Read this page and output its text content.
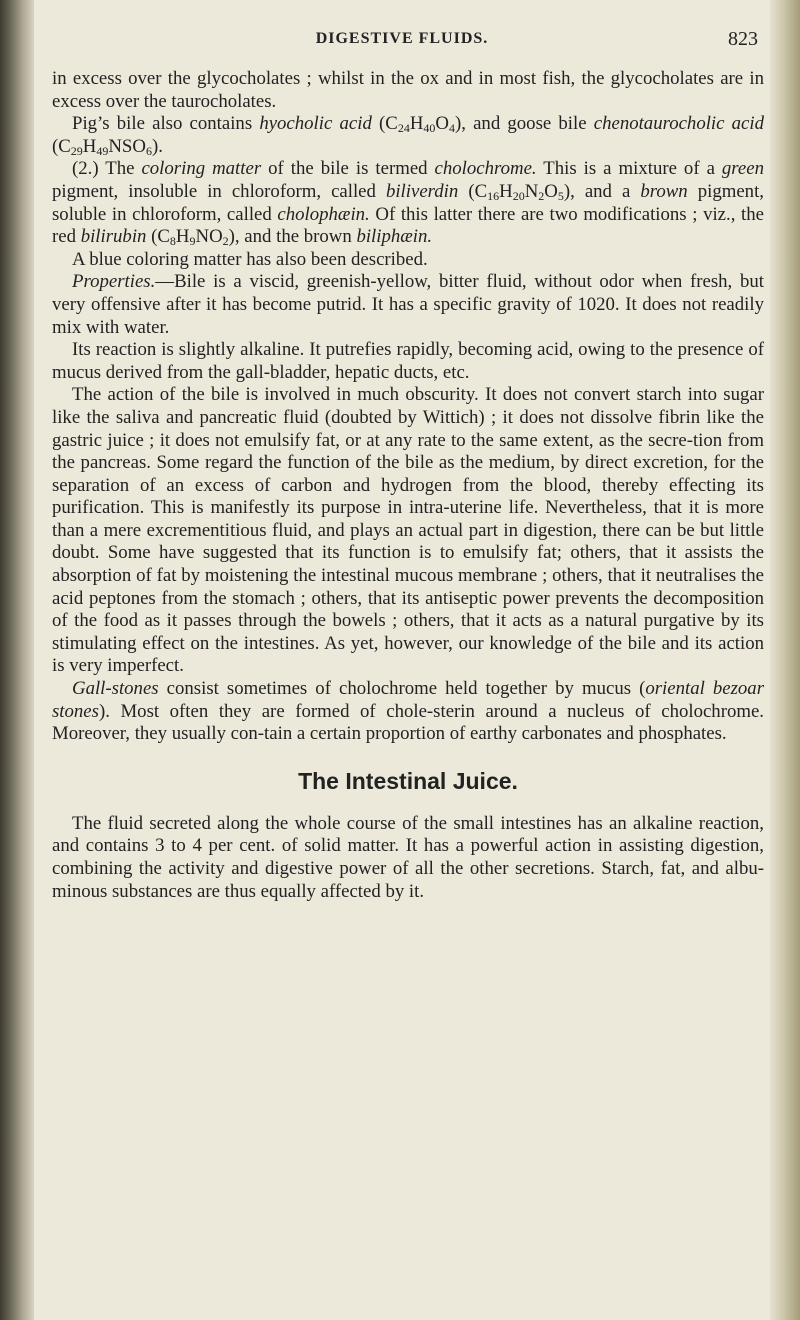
DIGESTIVE FLUIDS.	823

in excess over the glycocholates ; whilst in the ox and in most fish, the glycocholates are in excess over the taurocholates.

Pig’s bile also contains hyocholic acid $(C_{24}H_{40}O_4)$, and goose bile chenotaurocholic acid $(C_{29}H_{49}NSO_6)$.

(2.) The coloring matter of the bile is termed cholochrome. This is a mixture of a green pigment, insoluble in chloroform, called biliverdin $(C_{16}H_{20}N_2O_5)$, and a brown pigment, soluble in chloroform, called cholophæin. Of this latter there are two modifications ; viz., the red bilirubin $(C_8H_9NO_2)$, and the brown biliphæin.

A blue coloring matter has also been described.

Properties.—Bile is a viscid, greenish-yellow, bitter fluid, without odor when fresh, but very offensive after it has become putrid. It has a specific gravity of 1020. It does not readily mix with water.

Its reaction is slightly alkaline. It putrefies rapidly, becoming acid, owing to the presence of mucus derived from the gall-bladder, hepatic ducts, etc.

The action of the bile is involved in much obscurity. It does not convert starch into sugar like the saliva and pancreatic fluid (doubted by Wittich) ; it does not dissolve fibrin like the gastric juice ; it does not emulsify fat, or at any rate to the same extent, as the secre-tion from the pancreas. Some regard the function of the bile as the medium, by direct excretion, for the separation of an excess of carbon and hydrogen from the blood, thereby effecting its purification. This is manifestly its purpose in intra-uterine life. Nevertheless, that it is more than a mere excrementitious fluid, and plays an actual part in digestion, there can be but little doubt. Some have suggested that its function is to emulsify fat; others, that it assists the absorption of fat by moistening the intestinal mucous membrane ; others, that it neutralises the acid peptones from the stomach ; others, that its antiseptic power prevents the decomposition of the food as it passes through the bowels ; others, that it acts as a natural purgative by its stimulating effect on the intestines. As yet, however, our knowledge of the bile and its action is very imperfect.

Gall-stones consist sometimes of cholochrome held together by mucus (oriental bezoar stones). Most often they are formed of chole-sterin around a nucleus of cholochrome. Moreover, they usually con-tain a certain proportion of earthy carbonates and phosphates.

The Intestinal Juice.

The fluid secreted along the whole course of the small intestines has an alkaline reaction, and contains 3 to 4 per cent. of solid matter. It has a powerful action in assisting digestion, combining the activity and digestive power of all the other secretions. Starch, fat, and albu-minous substances are thus equally affected by it.
